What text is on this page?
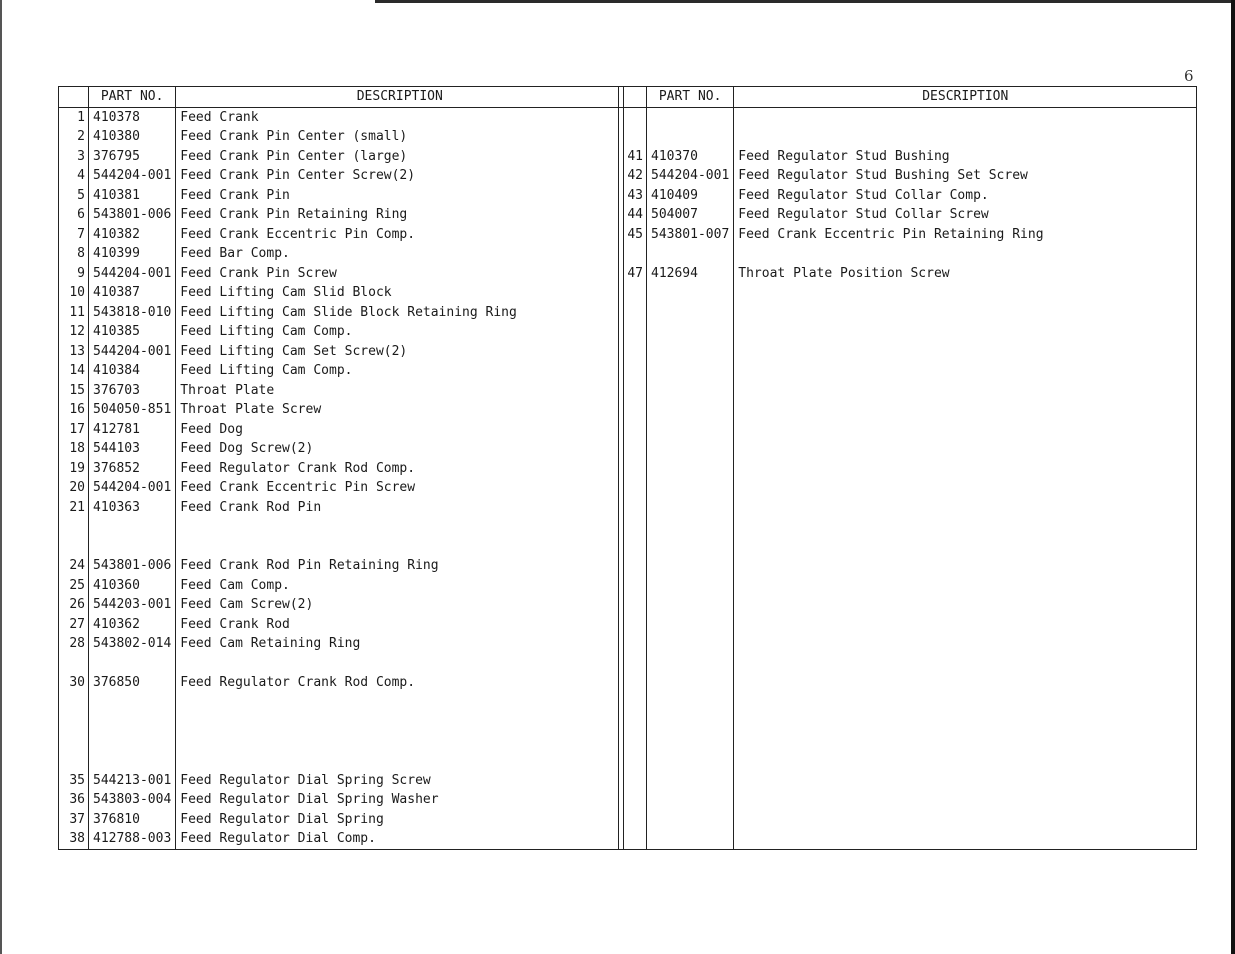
6
	PART NO.	DESCRIPTION
1	410378	Feed Crank
2	410380	Feed Crank Pin Center (small)
3	376795	Feed Crank Pin Center (large)
4	544204-001	Feed Crank Pin Center Screw(2)
5	410381	Feed Crank Pin
6	543801-006	Feed Crank Pin Retaining Ring
7	410382	Feed Crank Eccentric Pin Comp.
8	410399	Feed Bar Comp.
9	544204-001	Feed Crank Pin Screw
10	410387	Feed Lifting Cam Slid Block
11	543818-010	Feed Lifting Cam Slide Block Retaining Ring
12	410385	Feed Lifting Cam Comp.
13	544204-001	Feed Lifting Cam Set Screw(2)
14	410384	Feed Lifting Cam Comp.
15	376703	Throat Plate
16	504050-851	Throat Plate Screw
17	412781	Feed Dog
18	544103	Feed Dog Screw(2)
19	376852	Feed Regulator Crank Rod Comp.
20	544204-001	Feed Crank Eccentric Pin Screw
21	410363	Feed Crank Rod Pin

24	543801-006	Feed Crank Rod Pin Retaining Ring
25	410360	Feed Cam Comp.
26	544203-001	Feed Cam Screw(2)
27	410362	Feed Crank Rod
28	543802-014	Feed Cam Retaining Ring

30	376850	Feed Regulator Crank Rod Comp.

35	544213-001	Feed Regulator Dial Spring Screw
36	543803-004	Feed Regulator Dial Spring Washer
37	376810	Feed Regulator Dial Spring
38	412788-003	Feed Regulator Dial Comp.
	PART NO.	DESCRIPTION

41	410370	Feed Regulator Stud Bushing
42	544204-001	Feed Regulator Stud Bushing Set Screw
43	410409	Feed Regulator Stud Collar Comp.
44	504007	Feed Regulator Stud Collar Screw
45	543801-007	Feed Crank Eccentric Pin Retaining Ring

47	412694	Throat Plate Position Screw
